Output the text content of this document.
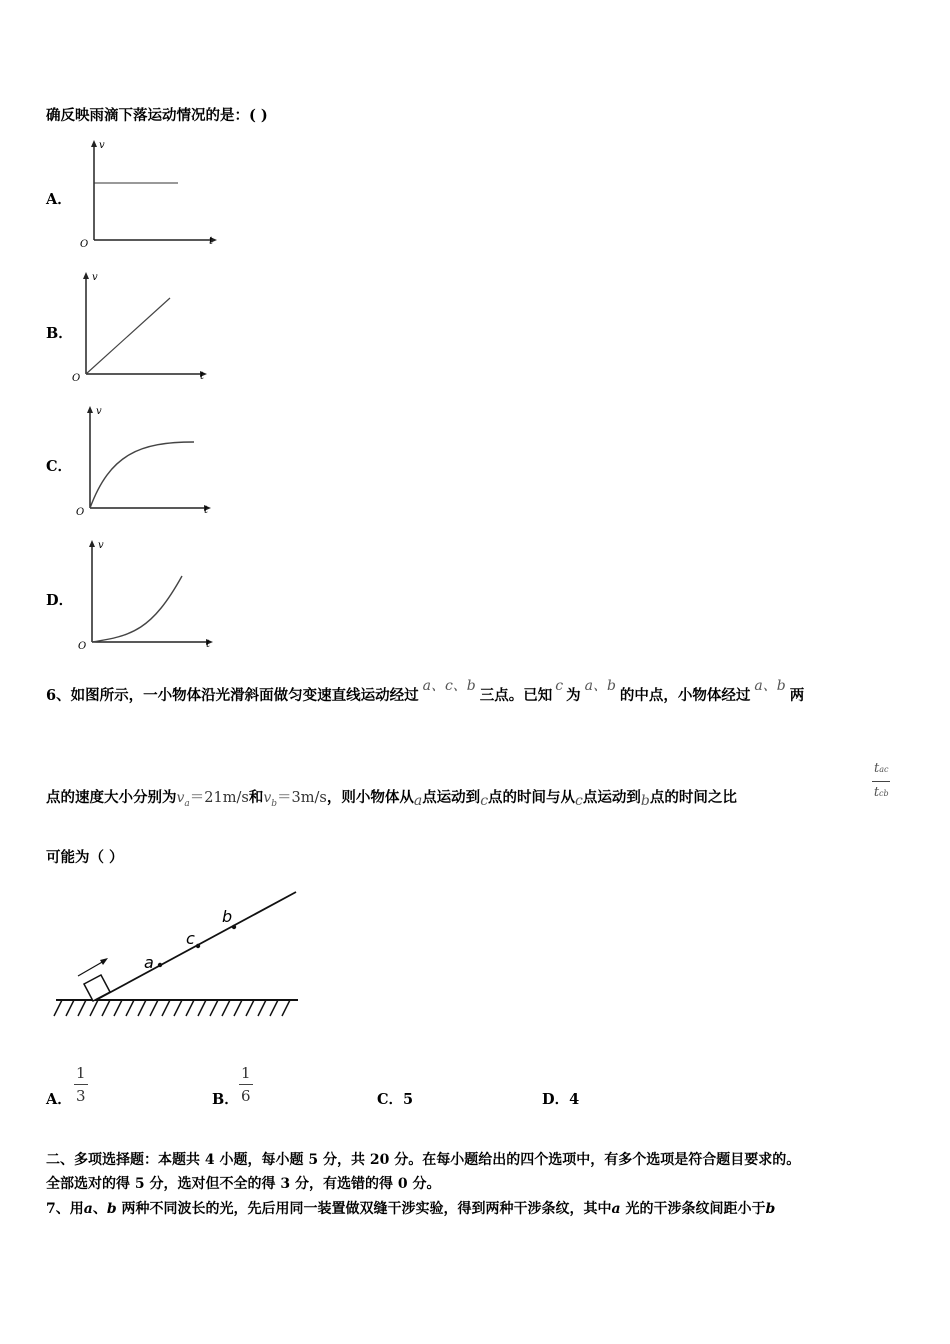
确反映雨滴下落运动情况的是：( )
A．
v
t
O
B．
v
t
O
C．
v
t
O
D．
v
t
O
6、如图所示，一小物体沿光滑斜面做匀变速直线运动经过a、c、b三点。已知c为a、b的中点，小物体经过a、b两
点的速度大小分别为$v_a=21m/s$和$v_b=3m/s$，则小物体从a点运动到c点的时间与从c点运动到b点的时间之比
tac
tcb
可能为（ ）
a
c
b
A． $\frac{1}{3}$	B． $\frac{1}{6}$	C．5	D．4
二、多项选择题：本题共 4 小题，每小题 5 分，共 20 分。在每小题给出的四个选项中，有多个选项是符合题目要求的。
全部选对的得 5 分，选对但不全的得 3 分，有选错的得 0 分。
7、用a、b 两种不同波长的光，先后用同一装置做双缝干涉实验，得到两种干涉条纹，其中a 光的干涉条纹间距小于b
